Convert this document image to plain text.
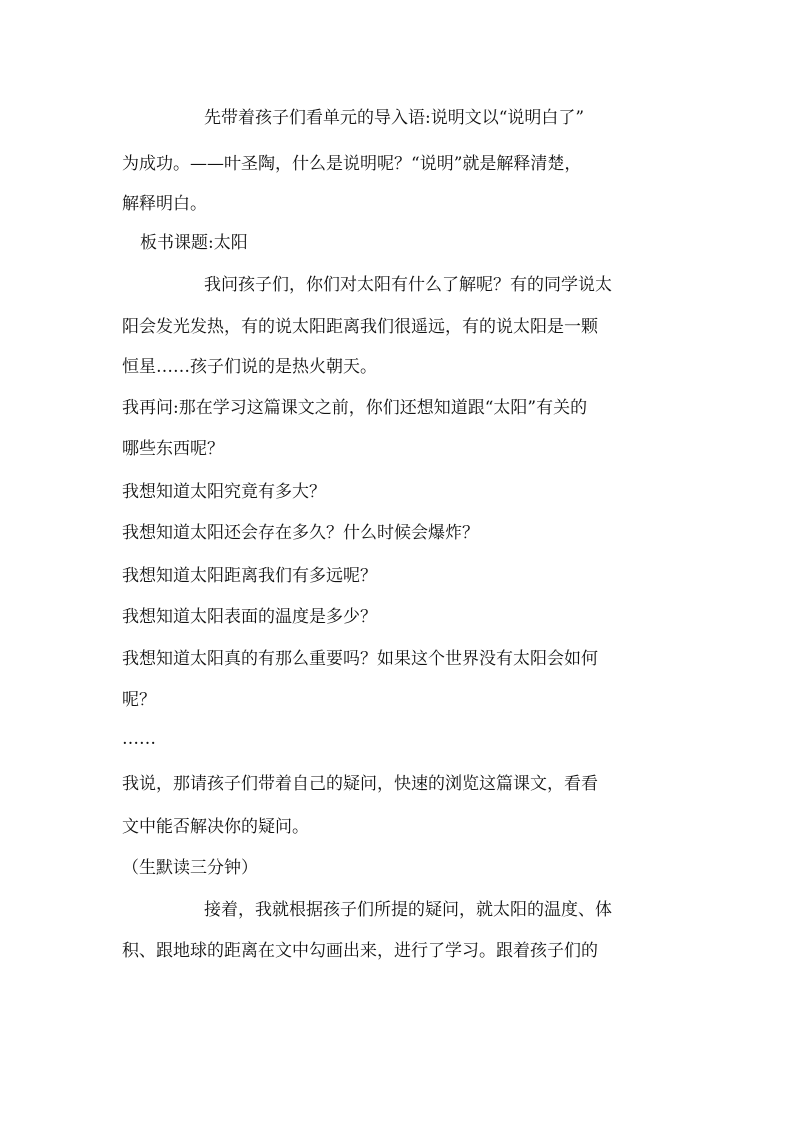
先带着孩子们看单元的导入语:说明文以“说明白了”
为成功。——叶圣陶，什么是说明呢？“说明”就是解释清楚，
解释明白。
板书课题:太阳
我问孩子们，你们对太阳有什么了解呢？有的同学说太
阳会发光发热，有的说太阳距离我们很遥远，有的说太阳是一颗
恒星……孩子们说的是热火朝天。
我再问:那在学习这篇课文之前，你们还想知道跟“太阳”有关的
哪些东西呢？
我想知道太阳究竟有多大？
我想知道太阳还会存在多久？什么时候会爆炸？
我想知道太阳距离我们有多远呢？
我想知道太阳表面的温度是多少？
我想知道太阳真的有那么重要吗？如果这个世界没有太阳会如何
呢？
……
我说，那请孩子们带着自己的疑问，快速的浏览这篇课文，看看
文中能否解决你的疑问。
（生默读三分钟）
接着，我就根据孩子们所提的疑问，就太阳的温度、体
积、跟地球的距离在文中勾画出来，进行了学习。跟着孩子们的
